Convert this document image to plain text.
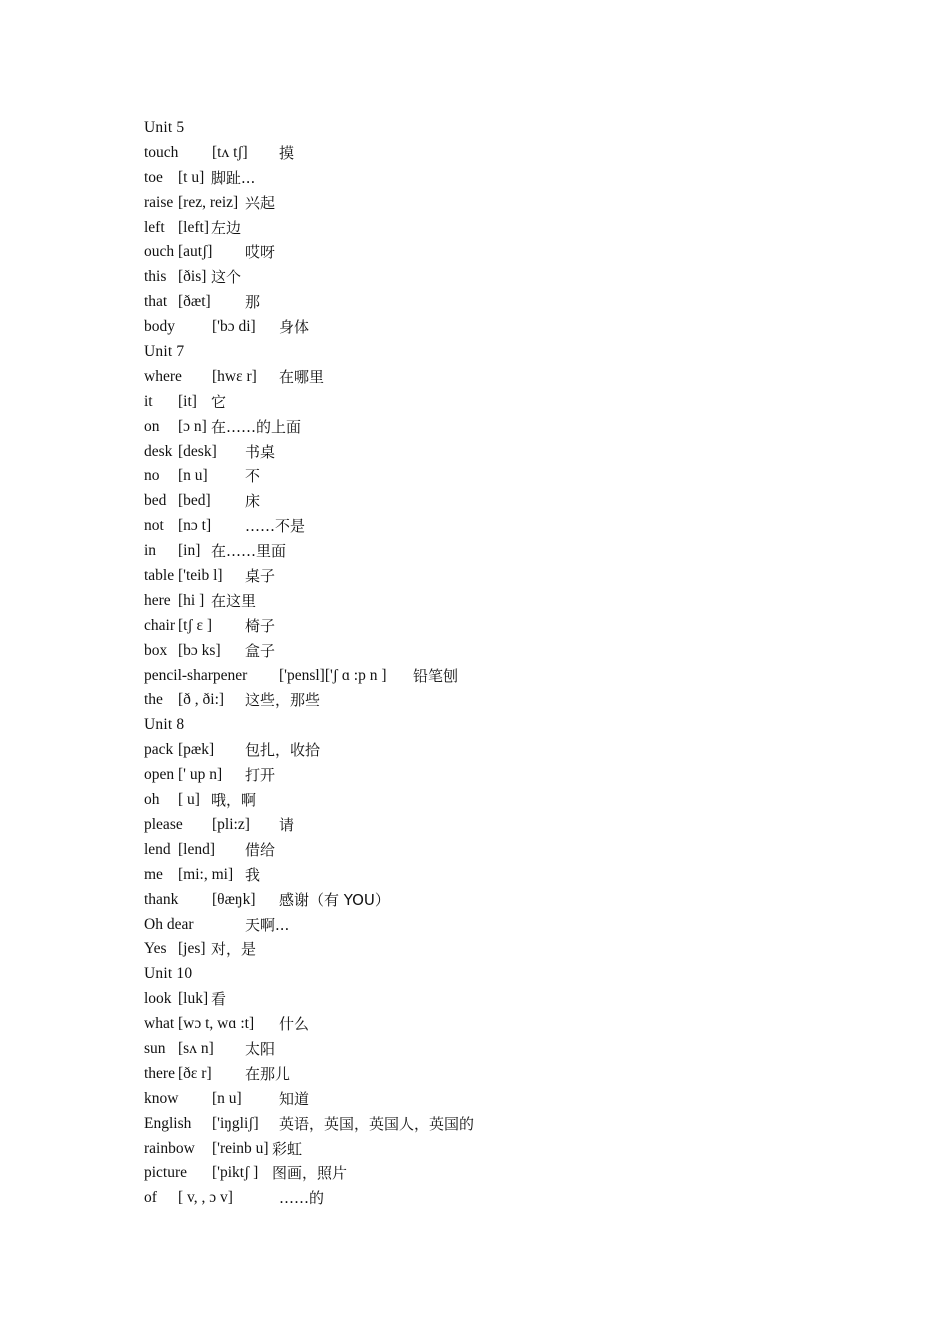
Unit 5
touch [tʌ tʃ] 摸
toe [t u] 脚趾...
raise [rez, reiz] 兴起
left [left] 左边
ouch [autʃ] 哎呀
this [ðis] 这个
that [ðæt] 那
body ['bɔ di] 身体
Unit 7
where [hwɛ r] 在哪里
it [it] 它
on [ɔ n] 在……的上面
desk [desk] 书桌
no [n u] 不
bed [bed] 床
not [nɔ t] ……不是
in [in] 在……里面
table ['teib l] 桌子
here [hi ] 在这里
chair [tʃ ɛ ] 椅子
box [bɔ ks] 盒子
pencil-sharpener ['pensl]['ʃ ɑ :p n ] 铅笔刨
the [ð , ði:] 这些，那些
Unit 8
pack [pæk] 包扎，收拾
open [' up n] 打开
oh [ u] 哦，啊
please [pli:z] 请
lend [lend] 借给
me [mi:, mi] 我
thank [θæŋk] 感谢（有 YOU）
Oh dear	天啊...
Yes [jes] 对，是
Unit 10
look [luk] 看
what [wɔ t, wɑ :t] 什么
sun [sʌ n] 太阳
there [ðɛ r] 在那儿
know [n u] 知道
English ['iŋgliʃ] 英语，英国，英国人，英国的
rainbow ['reinb u] 彩虹
picture ['piktʃ ] 图画，照片
of [ v, , ɔ v]	……的
